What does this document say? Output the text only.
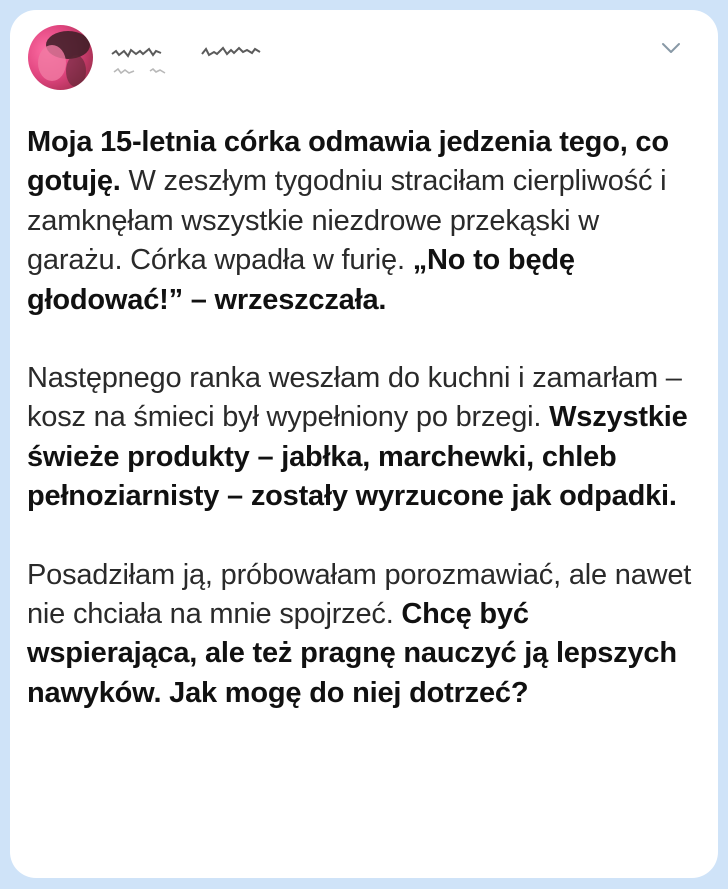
Moja 15-letnia córka odmawia jedzenia tego, co gotuję. W zeszłym tygodniu straciłam cierpliwość i zamknęłam wszystkie niezdrowe przekąski w garażu. Córka wpadła w furię. „No to będę głodować!” – wrzeszczała.

Następnego ranka weszłam do kuchni i zamarłam – kosz na śmieci był wypełniony po brzegi. Wszystkie świeże produkty – jabłka, marchewki, chleb pełnoziarnisty – zostały wyrzucone jak odpadki.

Posadziłam ją, próbowałam porozmawiać, ale nawet nie chciała na mnie spojrzeć. Chcę być wspierająca, ale też pragnę nauczyć ją lepszych nawyków. Jak mogę do niej dotrzeć?
